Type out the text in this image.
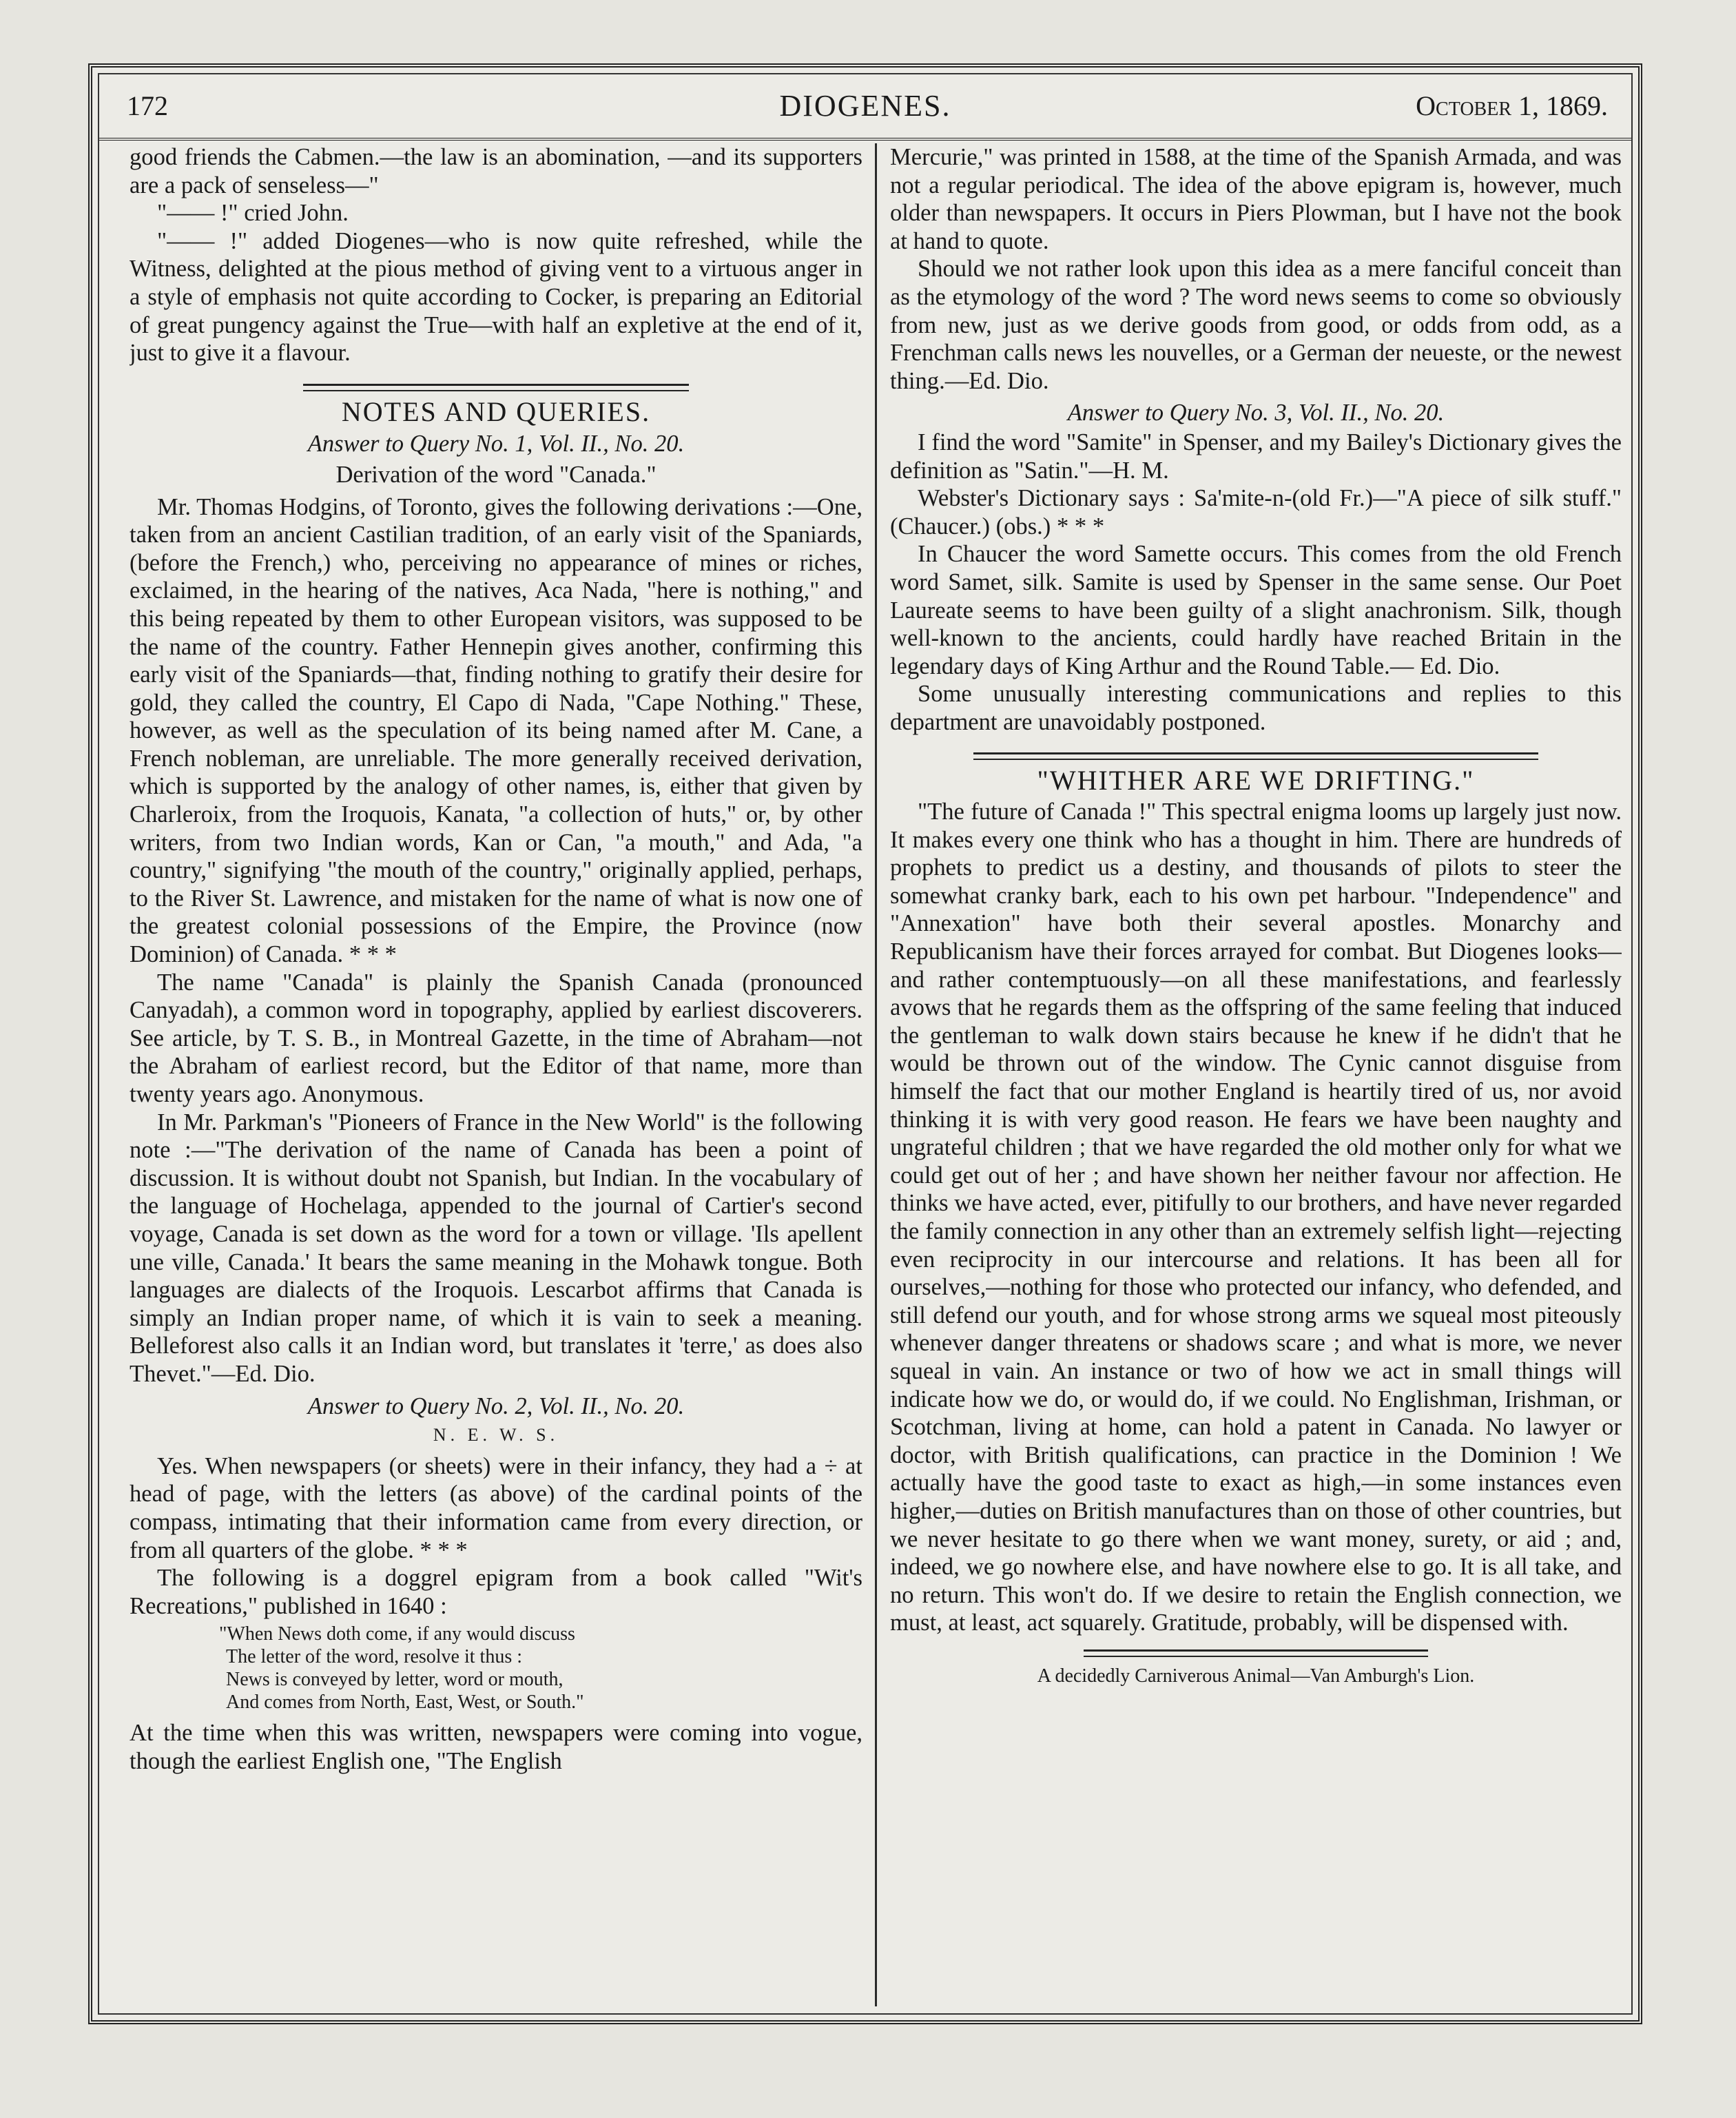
172	DIOGENES.	October 1, 1869.

good friends the Cabmen.—the law is an abomination, —and its supporters are a pack of senseless—"

"—— !" cried John.

"—— !" added Diogenes—who is now quite refreshed, while the Witness, delighted at the pious method of giving vent to a virtuous anger in a style of emphasis not quite according to Cocker, is preparing an Editorial of great pungency against the True—with half an expletive at the end of it, just to give it a flavour.

NOTES AND QUERIES.
Answer to Query No. 1, Vol. II., No. 20.
Derivation of the word "Canada."

Mr. Thomas Hodgins, of Toronto, gives the following derivations :—One, taken from an ancient Castilian tradition, of an early visit of the Spaniards, (before the French,) who, perceiving no appearance of mines or riches, exclaimed, in the hearing of the natives, Aca Nada, "here is nothing," and this being repeated by them to other European visitors, was supposed to be the name of the country. Father Hennepin gives another, confirming this early visit of the Spaniards—that, finding nothing to gratify their desire for gold, they called the country, El Capo di Nada, "Cape Nothing." These, however, as well as the speculation of its being named after M. Cane, a French nobleman, are unreliable. The more generally received derivation, which is supported by the analogy of other names, is, either that given by Charleroix, from the Iroquois, Kanata, "a collection of huts," or, by other writers, from two Indian words, Kan or Can, "a mouth," and Ada, "a country," signifying "the mouth of the country," originally applied, perhaps, to the River St. Lawrence, and mistaken for the name of what is now one of the greatest colonial possessions of the Empire, the Province (now Dominion) of Canada. * * *

The name "Canada" is plainly the Spanish Canada (pronounced Canyadah), a common word in topography, applied by earliest discoverers. See article, by T. S. B., in Montreal Gazette, in the time of Abraham—not the Abraham of earliest record, but the Editor of that name, more than twenty years ago. Anonymous.

In Mr. Parkman's "Pioneers of France in the New World" is the following note :—"The derivation of the name of Canada has been a point of discussion. It is without doubt not Spanish, but Indian. In the vocabulary of the language of Hochelaga, appended to the journal of Cartier's second voyage, Canada is set down as the word for a town or village. 'Ils apellent une ville, Canada.' It bears the same meaning in the Mohawk tongue. Both languages are dialects of the Iroquois. Lescarbot affirms that Canada is simply an Indian proper name, of which it is vain to seek a meaning. Belleforest also calls it an Indian word, but translates it 'terre,' as does also Thevet."—Ed. Dio.

Answer to Query No. 2, Vol. II., No. 20.
N. E. W. S.

Yes. When newspapers (or sheets) were in their infancy, they had a ÷ at head of page, with the letters (as above) of the cardinal points of the compass, intimating that their information came from every direction, or from all quarters of the globe. * * *

The following is a doggrel epigram from a book called "Wit's Recreations," published in 1640 :

"When News doth come, if any would discuss
The letter of the word, resolve it thus :
News is conveyed by letter, word or mouth,
And comes from North, East, West, or South."

At the time when this was written, newspapers were coming into vogue, though the earliest English one, "The English

Mercurie," was printed in 1588, at the time of the Spanish Armada, and was not a regular periodical. The idea of the above epigram is, however, much older than newspapers. It occurs in Piers Plowman, but I have not the book at hand to quote.

Should we not rather look upon this idea as a mere fanciful conceit than as the etymology of the word ? The word news seems to come so obviously from new, just as we derive goods from good, or odds from odd, as a Frenchman calls news les nouvelles, or a German der neueste, or the newest thing.—Ed. Dio.

Answer to Query No. 3, Vol. II., No. 20.

I find the word "Samite" in Spenser, and my Bailey's Dictionary gives the definition as "Satin."—H. M.

Webster's Dictionary says : Sa'mite-n-(old Fr.)—"A piece of silk stuff." (Chaucer.) (obs.) * * *

In Chaucer the word Samette occurs. This comes from the old French word Samet, silk. Samite is used by Spenser in the same sense. Our Poet Laureate seems to have been guilty of a slight anachronism. Silk, though well-known to the ancients, could hardly have reached Britain in the legendary days of King Arthur and the Round Table.— Ed. Dio.

Some unusually interesting communications and replies to this department are unavoidably postponed.

"WHITHER ARE WE DRIFTING."

"The future of Canada !" This spectral enigma looms up largely just now. It makes every one think who has a thought in him. There are hundreds of prophets to predict us a destiny, and thousands of pilots to steer the somewhat cranky bark, each to his own pet harbour. "Independence" and "Annexation" have both their several apostles. Monarchy and Republicanism have their forces arrayed for combat. But Diogenes looks—and rather contemptuously—on all these manifestations, and fearlessly avows that he regards them as the offspring of the same feeling that induced the gentleman to walk down stairs because he knew if he didn't that he would be thrown out of the window. The Cynic cannot disguise from himself the fact that our mother England is heartily tired of us, nor avoid thinking it is with very good reason. He fears we have been naughty and ungrateful children ; that we have regarded the old mother only for what we could get out of her ; and have shown her neither favour nor affection. He thinks we have acted, ever, pitifully to our brothers, and have never regarded the family connection in any other than an extremely selfish light—rejecting even reciprocity in our intercourse and relations. It has been all for ourselves,—nothing for those who protected our infancy, who defended, and still defend our youth, and for whose strong arms we squeal most piteously whenever danger threatens or shadows scare ; and what is more, we never squeal in vain. An instance or two of how we act in small things will indicate how we do, or would do, if we could. No Englishman, Irishman, or Scotchman, living at home, can hold a patent in Canada. No lawyer or doctor, with British qualifications, can practice in the Dominion ! We actually have the good taste to exact as high,—in some instances even higher,—duties on British manufactures than on those of other countries, but we never hesitate to go there when we want money, surety, or aid ; and, indeed, we go nowhere else, and have nowhere else to go. It is all take, and no return. This won't do. If we desire to retain the English connection, we must, at least, act squarely. Gratitude, probably, will be dispensed with.

A decidedly Carniverous Animal—Van Amburgh's Lion.
